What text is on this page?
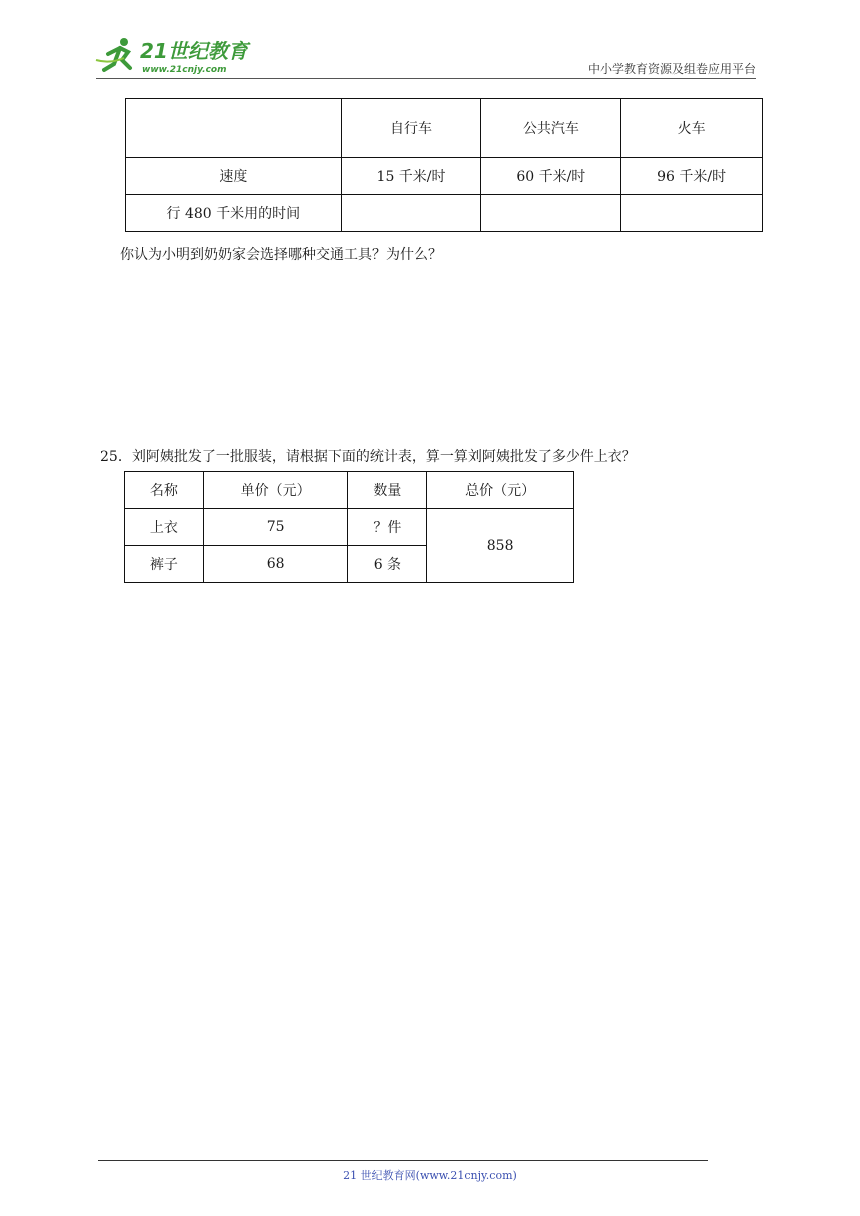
21世纪教育
www.21cnjy.com	中小学教育资源及组卷应用平台
	自行车	公共汽车	火车
速度	15 千米/时	60 千米/时	96 千米/时
行 480 千米用的时间			
你认为小明到奶奶家会选择哪种交通工具？为什么？
25．刘阿姨批发了一批服装，请根据下面的统计表，算一算刘阿姨批发了多少件上衣？
名称	单价（元）	数量	总价（元）
上衣	75	？件	858
裤子	68	6 条	
21 世纪教育网(www.21cnjy.com)
